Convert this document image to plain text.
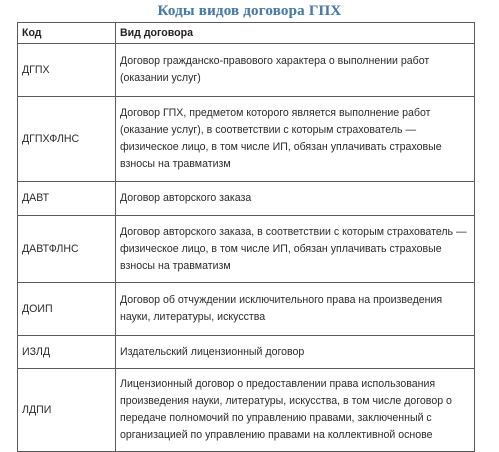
Коды видов договора ГПХ
Код	Вид договора
ДГПХ	Договор гражданско-правового характера о выполнении работ (оказании услуг)
ДГПХФЛНС	Договор ГПХ, предметом которого является выполнение работ (оказание услуг), в соответствии с которым страхователь — физическое лицо, в том числе ИП, обязан уплачивать страховые взносы на травматизм
ДАВТ	Договор авторского заказа
ДАВТФЛНС	Договор авторского заказа, в соответствии с которым страхователь — физическое лицо, в том числе ИП, обязан уплачивать страховые взносы на травматизм
ДОИП	Договор об отчуждении исключительного права на произведения науки, литературы, искусства
ИЗЛД	Издательский лицензионный договор
ЛДПИ	Лицензионный договор о предоставлении права использования произведения науки, литературы, искусства, в том числе договор о передаче полномочий по управлению правами, заключенный с организацией по управлению правами на коллективной основе
